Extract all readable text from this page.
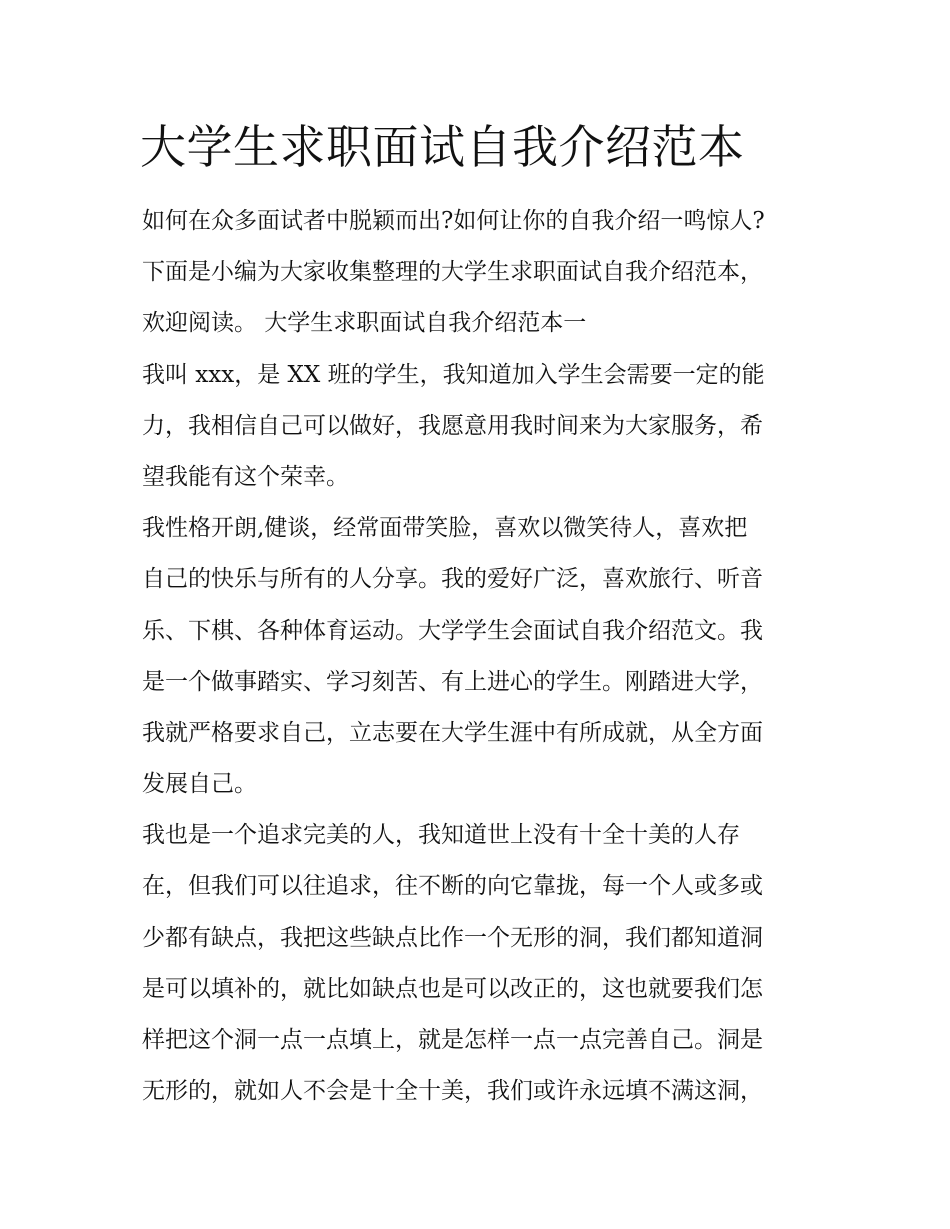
大学生求职面试自我介绍范本
如何在众多面试者中脱颖而出?如何让你的自我介绍一鸣惊人?
下面是小编为大家收集整理的大学生求职面试自我介绍范本，
欢迎阅读。 大学生求职面试自我介绍范本一
我叫 xxx，是 XX 班的学生，我知道加入学生会需要一定的能
力，我相信自己可以做好，我愿意用我时间来为大家服务，希
望我能有这个荣幸。
我性格开朗,健谈，经常面带笑脸，喜欢以微笑待人，喜欢把
自己的快乐与所有的人分享。我的爱好广泛，喜欢旅行、听音
乐、下棋、各种体育运动。大学学生会面试自我介绍范文。我
是一个做事踏实、学习刻苦、有上进心的学生。刚踏进大学，
我就严格要求自己，立志要在大学生涯中有所成就，从全方面
发展自己。
我也是一个追求完美的人，我知道世上没有十全十美的人存
在，但我们可以往追求，往不断的向它靠拢，每一个人或多或
少都有缺点，我把这些缺点比作一个无形的洞，我们都知道洞
是可以填补的，就比如缺点也是可以改正的，这也就要我们怎
样把这个洞一点一点填上，就是怎样一点一点完善自己。洞是
无形的，就如人不会是十全十美，我们或许永远填不满这洞，
